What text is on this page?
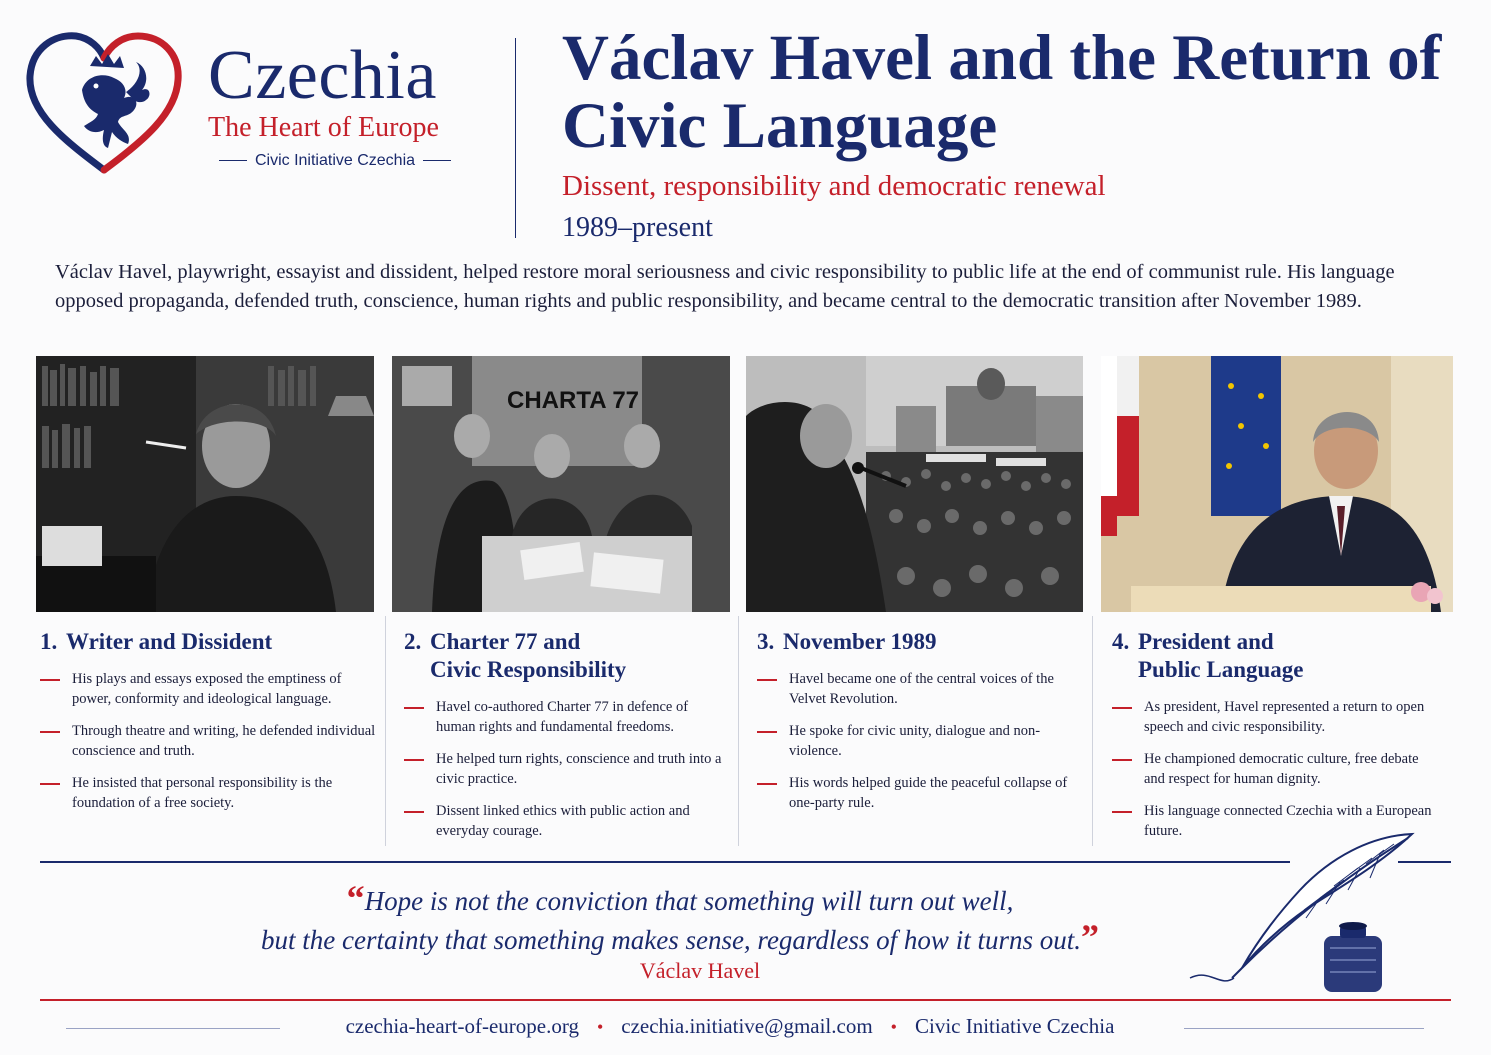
Czechia
The Heart of Europe
Civic Initiative Czechia
Václav Havel and the Return of Civic Language
Dissent, responsibility and democratic renewal
1989–present
Václav Havel, playwright, essayist and dissident, helped restore moral seriousness and civic responsibility to public life at the end of communist rule. His language opposed propaganda, defended truth, conscience, human rights and public responsibility, and became central to the democratic transition after November 1989.
CHARTA 77
1. Writer and Dissident
His plays and essays exposed the emptiness of power, conformity and ideological language.
Through theatre and writing, he defended individual conscience and truth.
He insisted that personal responsibility is the foundation of a free society.
2. Charter 77 and
Civic Responsibility
Havel co-authored Charter 77 in defence of human rights and fundamental freedoms.
He helped turn rights, conscience and truth into a civic practice.
Dissent linked ethics with public action and everyday courage.
3. November 1989
Havel became one of the central voices of the Velvet Revolution.
He spoke for civic unity, dialogue and non-violence.
His words helped guide the peaceful collapse of one-party rule.
4. President and
Public Language
As president, Havel represented a return to open speech and civic responsibility.
He championed democratic culture, free debate and respect for human dignity.
His language connected Czechia with a European future.
“Hope is not the conviction that something will turn out well,
but the certainty that something makes sense, regardless of how it turns out.”
Václav Havel
czechia-heart-of-europe.org • czechia.initiative@gmail.com • Civic Initiative Czechia
